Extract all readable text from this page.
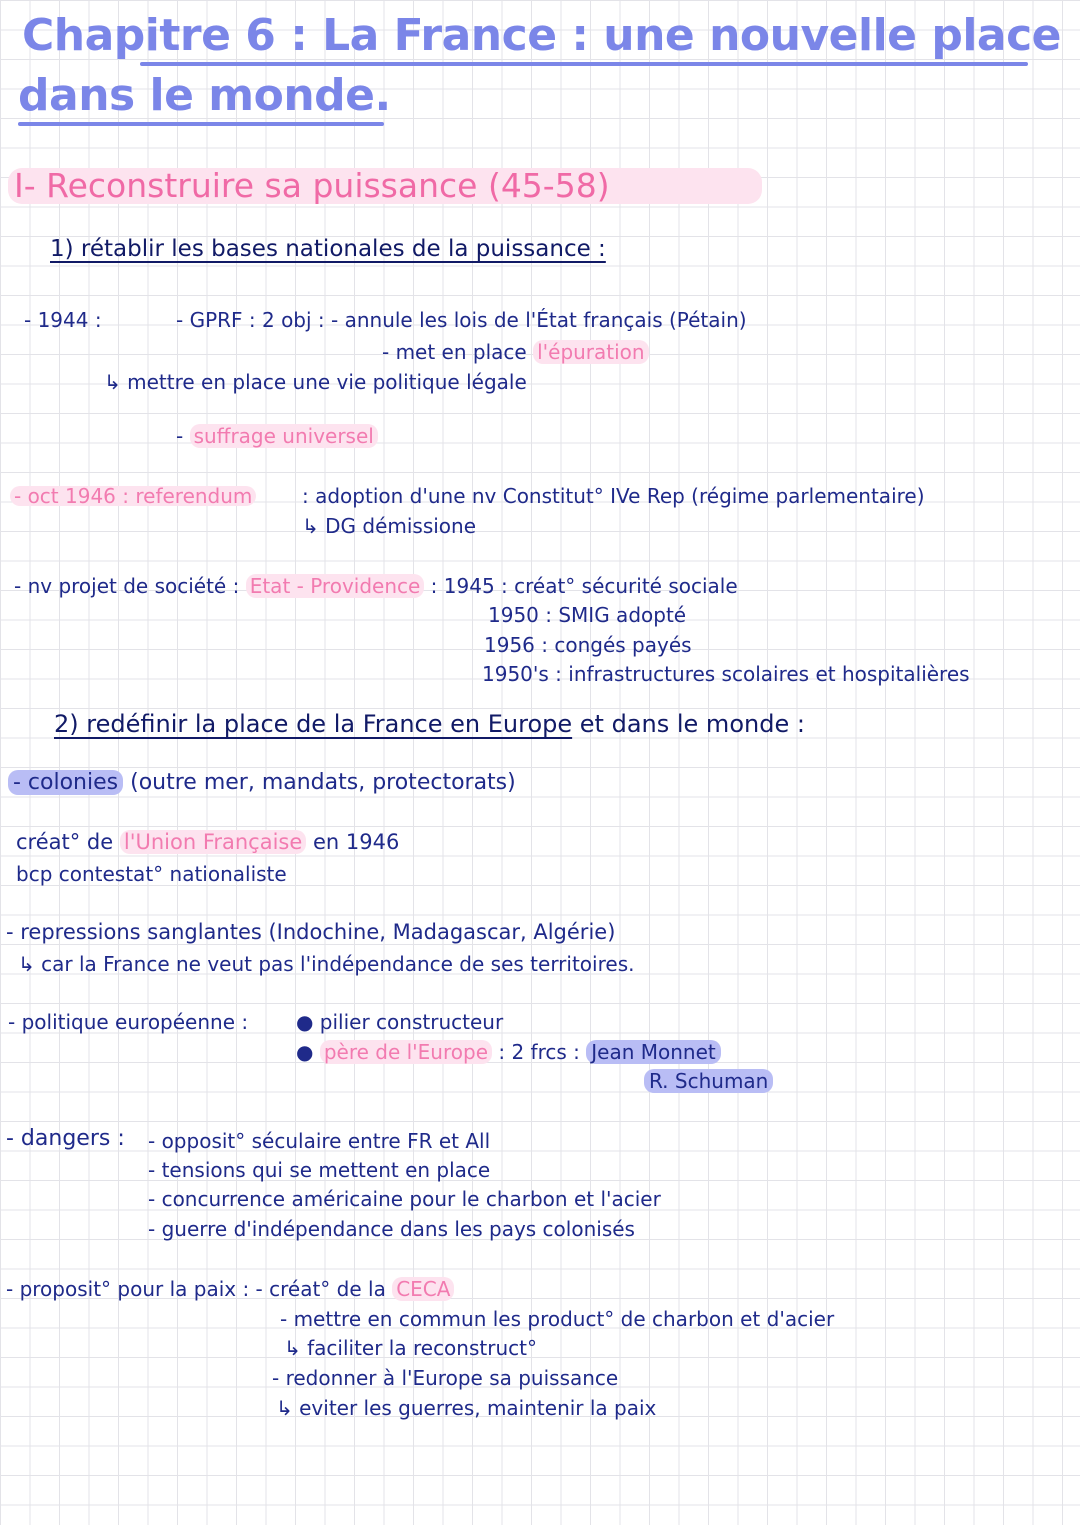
Chapitre 6 : La France : une nouvelle place
dans le monde.
I- Reconstruire sa puissance (45-58)
1) rétablir les bases nationales de la puissance :
- 1944 :	- GPRF : 2 obj : - annule les lois de l'État français (Pétain)
- met en place l'épuration
↳ mettre en place une vie politique légale
- suffrage universel
- oct 1946 : referendum : adoption d'une nv Constitut° IVe Rep (régime parlementaire)
↳ DG démissione
- nv projet de société : Etat - Providence : 1945 : créat° sécurité sociale
1950 : SMIG adopté
1956 : congés payés
1950's : infrastructures scolaires et hospitalières
2) redéfinir la place de la France en Europe et dans le monde :
- colonies (outre mer, mandats, protectorats)
créat° de l'Union Française en 1946
bcp contestat° nationaliste
- repressions sanglantes (Indochine, Madagascar, Algérie)
↳ car la France ne veut pas l'indépendance de ses territoires.
- politique européenne : ● pilier constructeur
● père de l'Europe : 2 frcs : Jean Monnet
R. Schuman
- dangers : - opposit° séculaire entre FR et All
- tensions qui se mettent en place
- concurrence américaine pour le charbon et l'acier
- guerre d'indépendance dans les pays colonisés
- proposit° pour la paix : - créat° de la CECA
- mettre en commun les product° de charbon et d'acier
↳ faciliter la reconstruct°
- redonner à l'Europe sa puissance
↳ eviter les guerres, maintenir la paix
